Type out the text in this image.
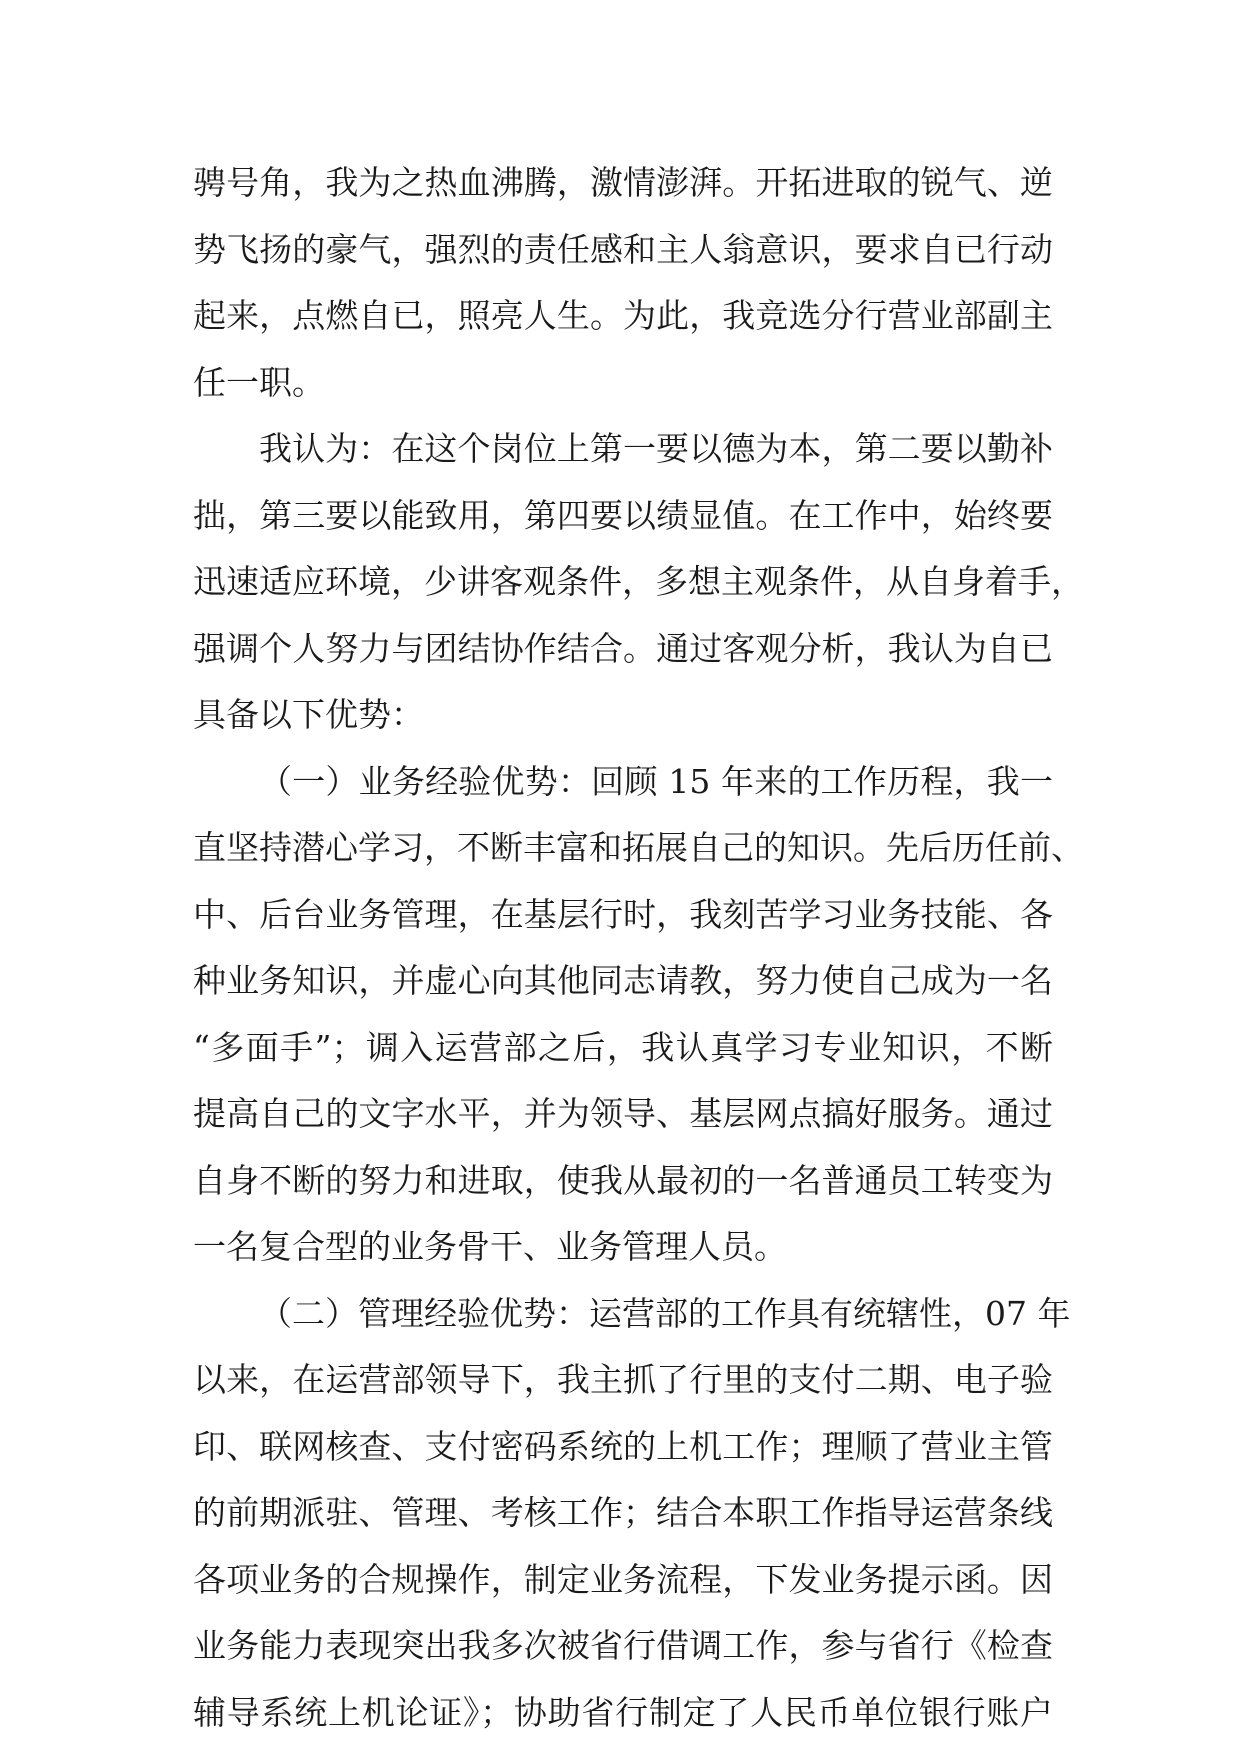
骋号角，我为之热血沸腾，激情澎湃。开拓进取的锐气、逆
势飞扬的豪气，强烈的责任感和主人翁意识，要求自已行动
起来，点燃自已，照亮人生。为此，我竞选分行营业部副主
任一职。
我认为：在这个岗位上第一要以德为本，第二要以勤补
拙，第三要以能致用，第四要以绩显值。在工作中，始终要
迅速适应环境，少讲客观条件，多想主观条件，从自身着手，
强调个人努力与团结协作结合。通过客观分析，我认为自已
具备以下优势：
（一）业务经验优势：回顾 15 年来的工作历程，我一
直坚持潜心学习，不断丰富和拓展自己的知识。先后历任前、
中、后台业务管理，在基层行时，我刻苦学习业务技能、各
种业务知识，并虚心向其他同志请教，努力使自己成为一名
“多面手”；调入运营部之后，我认真学习专业知识，不断
提高自己的文字水平，并为领导、基层网点搞好服务。通过
自身不断的努力和进取，使我从最初的一名普通员工转变为
一名复合型的业务骨干、业务管理人员。
（二）管理经验优势：运营部的工作具有统辖性，07 年
以来，在运营部领导下，我主抓了行里的支付二期、电子验
印、联网核查、支付密码系统的上机工作；理顺了营业主管
的前期派驻、管理、考核工作；结合本职工作指导运营条线
各项业务的合规操作，制定业务流程，下发业务提示函。因
业务能力表现突出我多次被省行借调工作，参与省行《检查
辅导系统上机论证》；协助省行制定了人民币单位银行账户
